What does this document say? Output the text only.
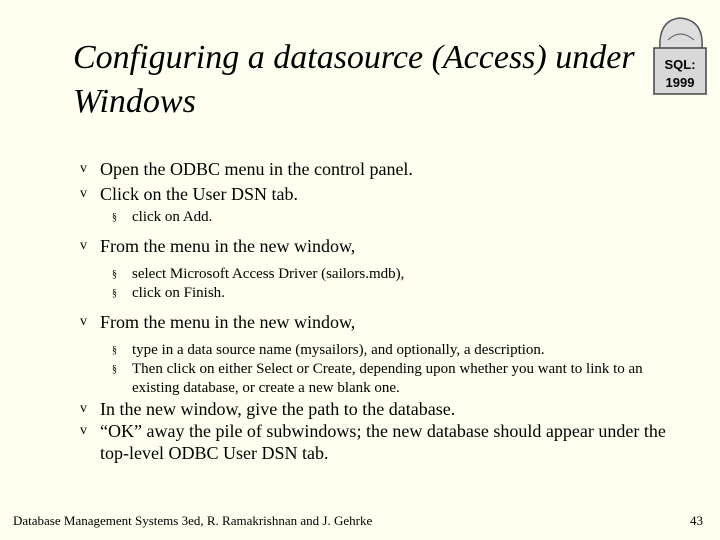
Configuring a datasource (Access) under
Windows
SQL:
1999
v Open the ODBC menu in the control panel.
v Click on the User DSN tab.
§ click on Add.
v From the menu in the new window,
§ select Microsoft Access Driver (sailors.mdb),
§ click on Finish.
v From the menu in the new window,
§ type in a data source name (mysailors), and optionally, a description.
§ Then click on either Select or Create, depending upon whether you want to link to an existing database, or create a new blank one.
v In the new window, give the path to the database.
v “OK” away the pile of subwindows; the new database should appear under the top-level ODBC User DSN tab.
Database Management Systems 3ed, R. Ramakrishnan and J. Gehrke	43
